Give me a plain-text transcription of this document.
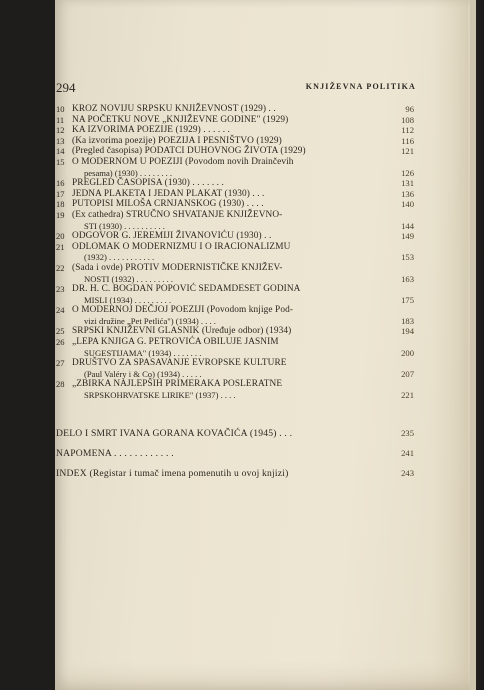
294	KNJIŽEVNA POLITIKA
10 KROZ NOVIJU SRPSKU KNJIŽEVNOST (1929) . .	96
11 NA POČETKU NOVE „KNJIŽEVNE GODINE" (1929)	108
12 KA IZVORIMA POEZIJE (1929) . . . . . .	112
13 (Ka izvorima poezije) POEZIJA I PESNIŠTVO (1929)	116
14 (Pregled časopisa) PODATCI DUHOVNOG ŽIVOTA (1929)	121
15 O MODERNOM U POEZIJI (Povodom novih Drainčevih
pesama) (1930) . . . . . . . .	126
16 PREGLED ČASOPISA (1930) . . . . . . .	131
17 JEDNA PLAKETA I JEDAN PLAKAT (1930) . . .	136
18 PUTOPISI MILOŠA CRNJANSKOG (1930) . . . .	140
19 (Ex cathedra) STRUČNO SHVATANJE KNJIŽEVNO-
STI (1930) . . . . . . . . . .	144
20 ODGOVOR G. JEREMIJI ŽIVANOVIĆU (1930) . .	149
21 ODLOMAK O MODERNIZMU I O IRACIONALIZMU
(1932) . . . . . . . . . . .	153
22 (Sada i ovde) PROTIV MODERNISTIČKE KNJIŽEV-
NOSTI (1932) . . . . . . . . .	163
23 DR. H. C. BOGDAN POPOVIĆ SEDAMDESET GODINA
MISLI (1934) . . . . . . . . .	175
24 O MODERNOJ DEČJOJ POEZIJI (Povodom knjige Pod-
vizi družine „Pet Petlića") (1934) . . . .	183
25 SRPSKI KNJIŽEVNI GLASNIK (Uređuje odbor) (1934)	194
26 „LEPA KNJIGA G. PETROVIĆA OBILUJE JASNIM
SUGESTIJAMA" (1934) . . . . . . .	200
27 DRUŠTVO ZA SPASAVANJE EVROPSKE KULTURE
(Paul Valéry i & Co) (1934) . . . . .	207
28 „ZBIRKA NAJLEPŠIH PRIMERAKA POSLERATNE
SRPSKOHRVATSKE LIRIKE" (1937) . . . .	221
DELO I SMRT IVANA GORANA KOVAČIĆA (1945) . . .	235
NAPOMENA . . . . . . . . . . . .	241
INDEX (Registar i tumač imena pomenutih u ovoj knjizi)	243
